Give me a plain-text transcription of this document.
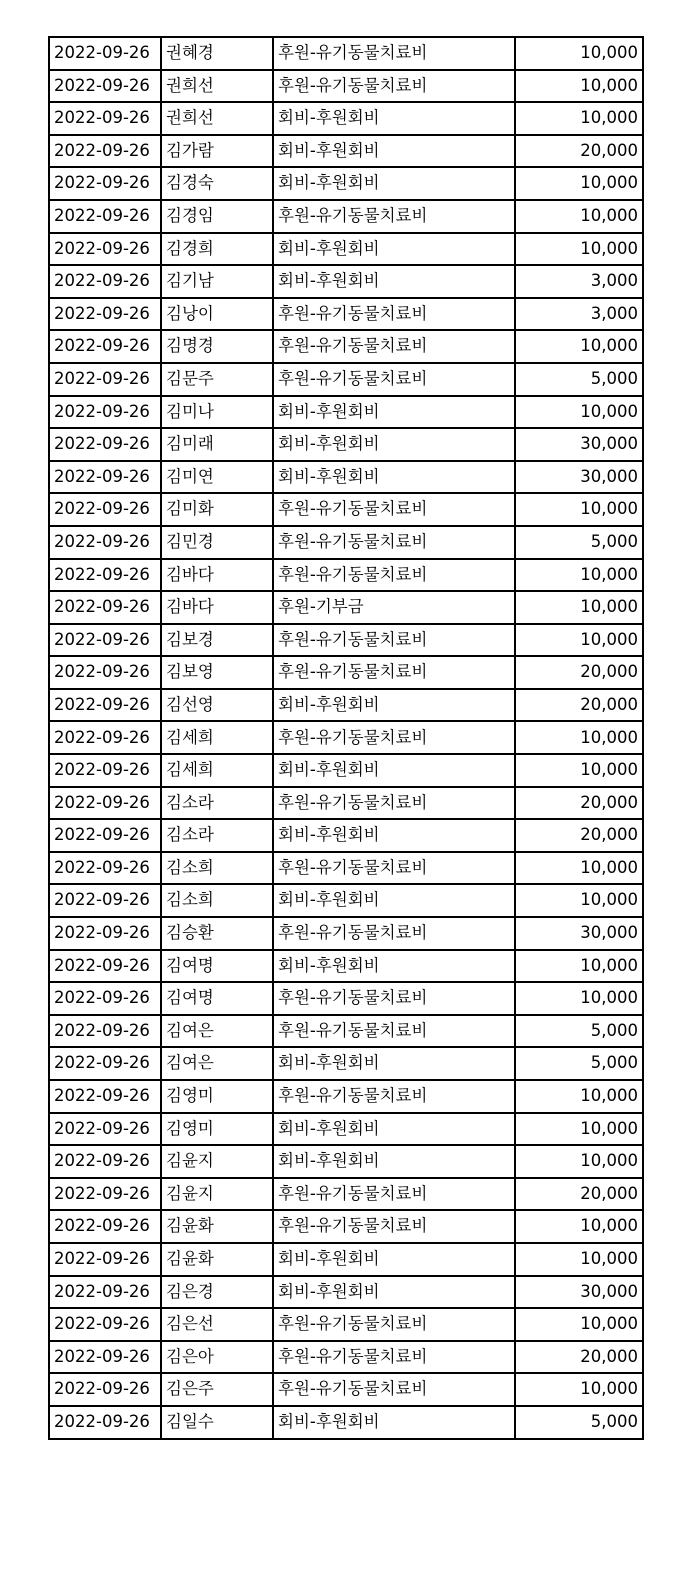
2022-09-26	권혜경	후원-유기동물치료비	10,000
2022-09-26	권희선	후원-유기동물치료비	10,000
2022-09-26	권희선	회비-후원회비	10,000
2022-09-26	김가람	회비-후원회비	20,000
2022-09-26	김경숙	회비-후원회비	10,000
2022-09-26	김경임	후원-유기동물치료비	10,000
2022-09-26	김경희	회비-후원회비	10,000
2022-09-26	김기남	회비-후원회비	3,000
2022-09-26	김낭이	후원-유기동물치료비	3,000
2022-09-26	김명경	후원-유기동물치료비	10,000
2022-09-26	김문주	후원-유기동물치료비	5,000
2022-09-26	김미나	회비-후원회비	10,000
2022-09-26	김미래	회비-후원회비	30,000
2022-09-26	김미연	회비-후원회비	30,000
2022-09-26	김미화	후원-유기동물치료비	10,000
2022-09-26	김민경	후원-유기동물치료비	5,000
2022-09-26	김바다	후원-유기동물치료비	10,000
2022-09-26	김바다	후원-기부금	10,000
2022-09-26	김보경	후원-유기동물치료비	10,000
2022-09-26	김보영	후원-유기동물치료비	20,000
2022-09-26	김선영	회비-후원회비	20,000
2022-09-26	김세희	후원-유기동물치료비	10,000
2022-09-26	김세희	회비-후원회비	10,000
2022-09-26	김소라	후원-유기동물치료비	20,000
2022-09-26	김소라	회비-후원회비	20,000
2022-09-26	김소희	후원-유기동물치료비	10,000
2022-09-26	김소희	회비-후원회비	10,000
2022-09-26	김승환	후원-유기동물치료비	30,000
2022-09-26	김여명	회비-후원회비	10,000
2022-09-26	김여명	후원-유기동물치료비	10,000
2022-09-26	김여은	후원-유기동물치료비	5,000
2022-09-26	김여은	회비-후원회비	5,000
2022-09-26	김영미	후원-유기동물치료비	10,000
2022-09-26	김영미	회비-후원회비	10,000
2022-09-26	김윤지	회비-후원회비	10,000
2022-09-26	김윤지	후원-유기동물치료비	20,000
2022-09-26	김윤화	후원-유기동물치료비	10,000
2022-09-26	김윤화	회비-후원회비	10,000
2022-09-26	김은경	회비-후원회비	30,000
2022-09-26	김은선	후원-유기동물치료비	10,000
2022-09-26	김은아	후원-유기동물치료비	20,000
2022-09-26	김은주	후원-유기동물치료비	10,000
2022-09-26	김일수	회비-후원회비	5,000
